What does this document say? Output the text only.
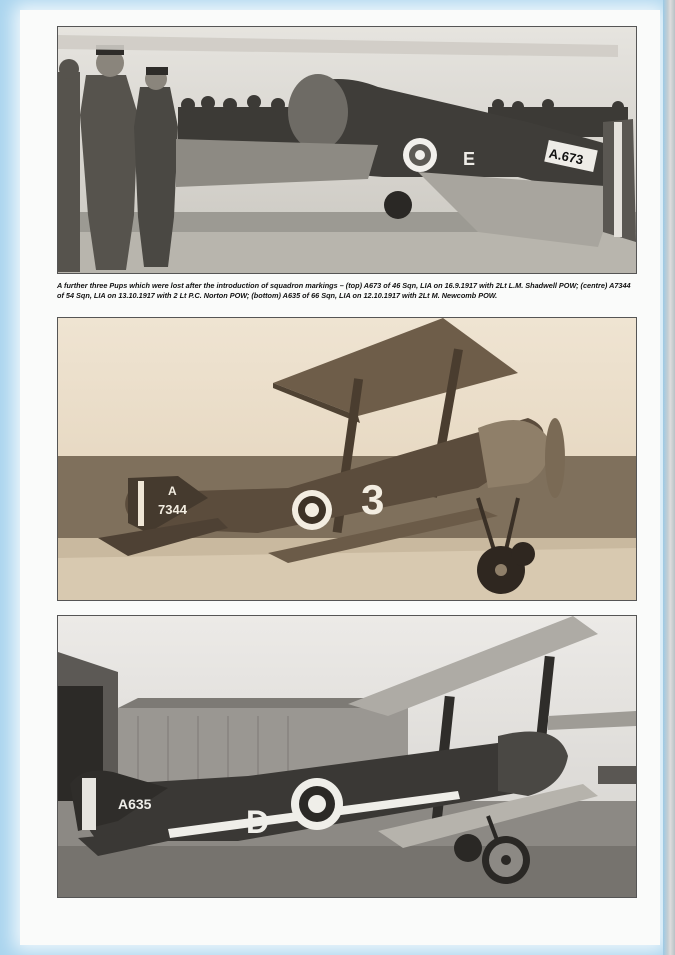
A.673
E
A further three Pups which were lost after the introduction of squadron markings – (top) A673 of 46 Sqn, LIA on 16.9.1917 with 2Lt L.M. Shadwell POW; (centre) A7344 of 54 Sqn, LIA on 13.10.1917 with 2 Lt P.C. Norton POW; (bottom) A635 of 66 Sqn, LIA on 12.10.1917 with 2Lt M. Newcomb POW.
A
7344	3
A635	D
